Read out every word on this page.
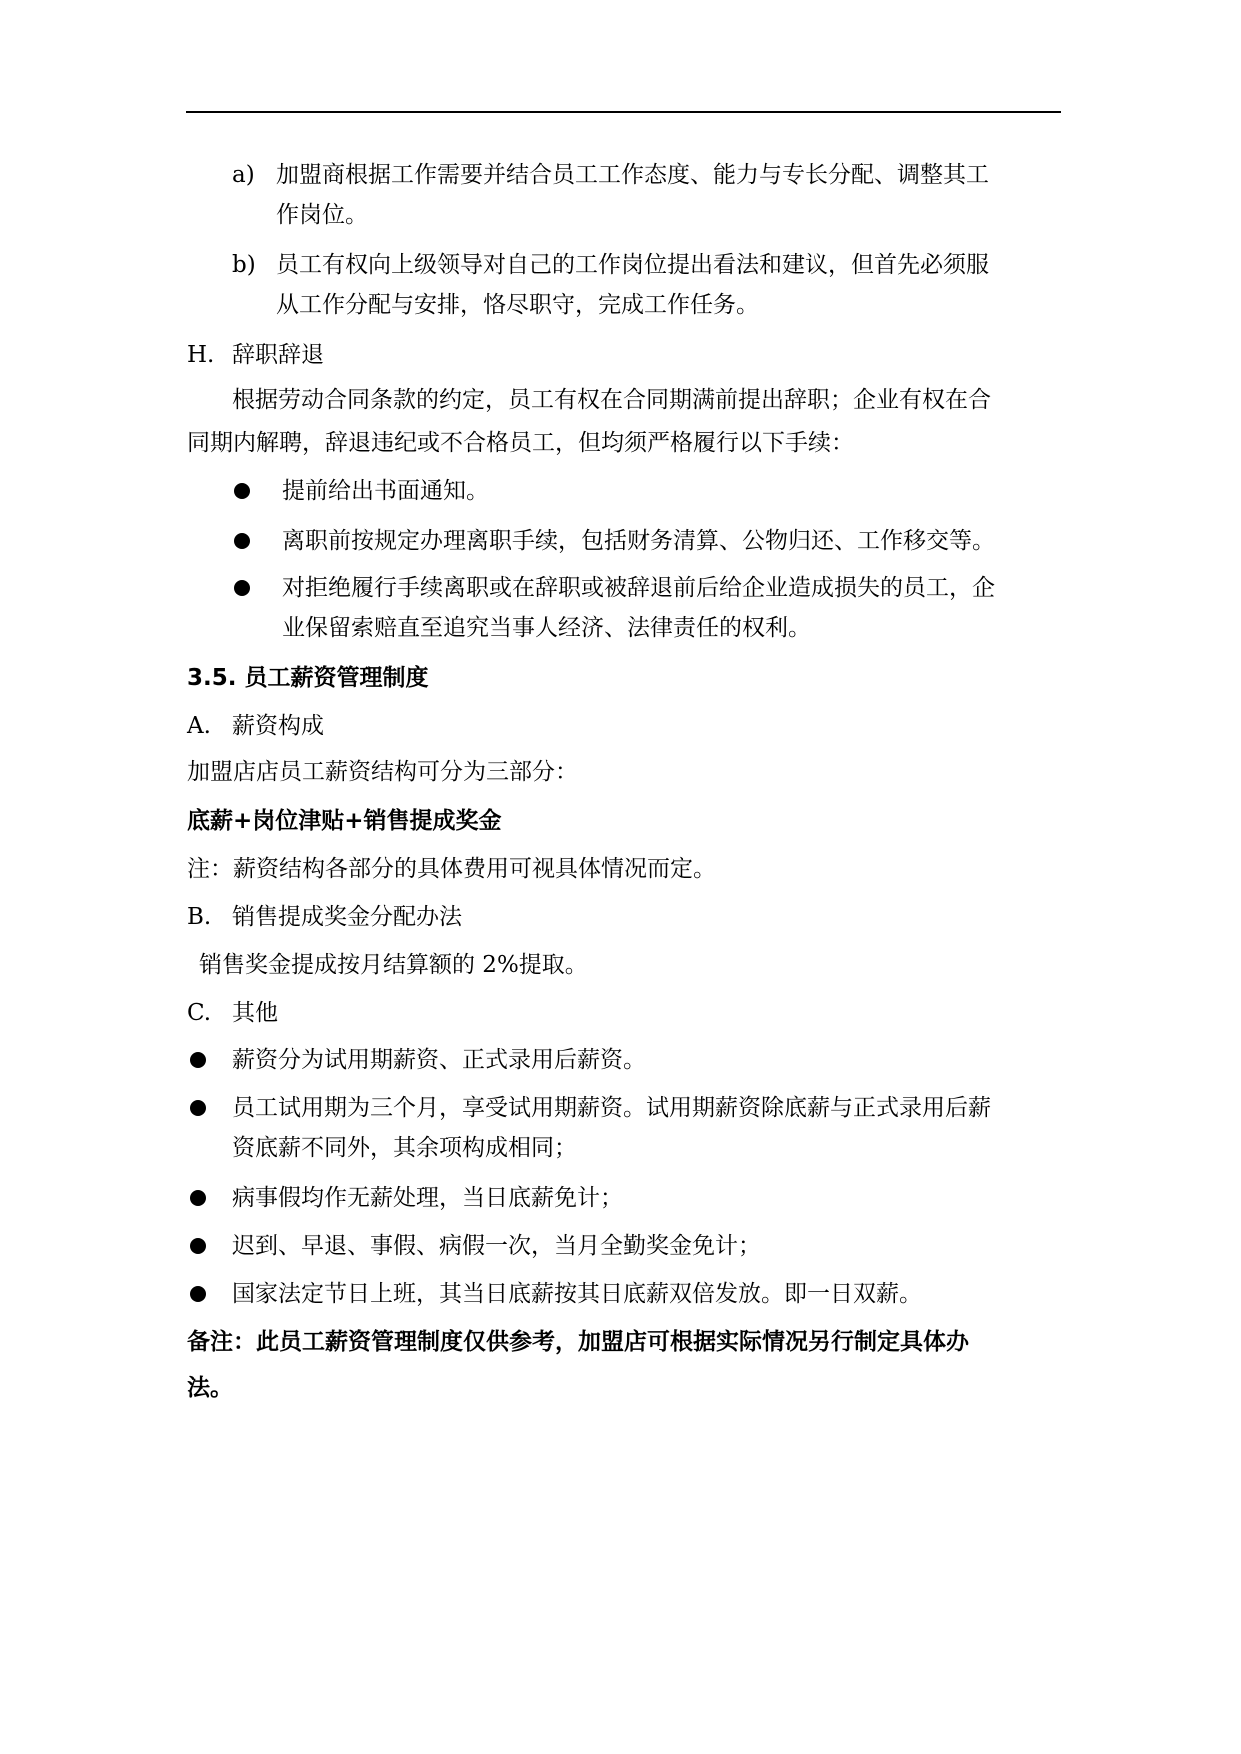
a) 加盟商根据工作需要并结合员工工作态度、能力与专长分配、调整其工
作岗位。
b) 员工有权向上级领导对自己的工作岗位提出看法和建议，但首先必须服
从工作分配与安排，恪尽职守，完成工作任务。
H. 辞职辞退
根据劳动合同条款的约定，员工有权在合同期满前提出辞职；企业有权在合
同期内解聘，辞退违纪或不合格员工，但均须严格履行以下手续：
提前给出书面通知。
离职前按规定办理离职手续，包括财务清算、公物归还、工作移交等。
对拒绝履行手续离职或在辞职或被辞退前后给企业造成损失的员工，企
业保留索赔直至追究当事人经济、法律责任的权利。
3.5. 员工薪资管理制度
A. 薪资构成
加盟店店员工薪资结构可分为三部分：
底薪+岗位津贴+销售提成奖金
注：薪资结构各部分的具体费用可视具体情况而定。
B. 销售提成奖金分配办法
销售奖金提成按月结算额的 2%提取。
C. 其他
薪资分为试用期薪资、正式录用后薪资。
员工试用期为三个月，享受试用期薪资。试用期薪资除底薪与正式录用后薪
资底薪不同外，其余项构成相同；
病事假均作无薪处理，当日底薪免计；
迟到、早退、事假、病假一次，当月全勤奖金免计；
国家法定节日上班，其当日底薪按其日底薪双倍发放。即一日双薪。
备注：此员工薪资管理制度仅供参考，加盟店可根据实际情况另行制定具体办
法。
